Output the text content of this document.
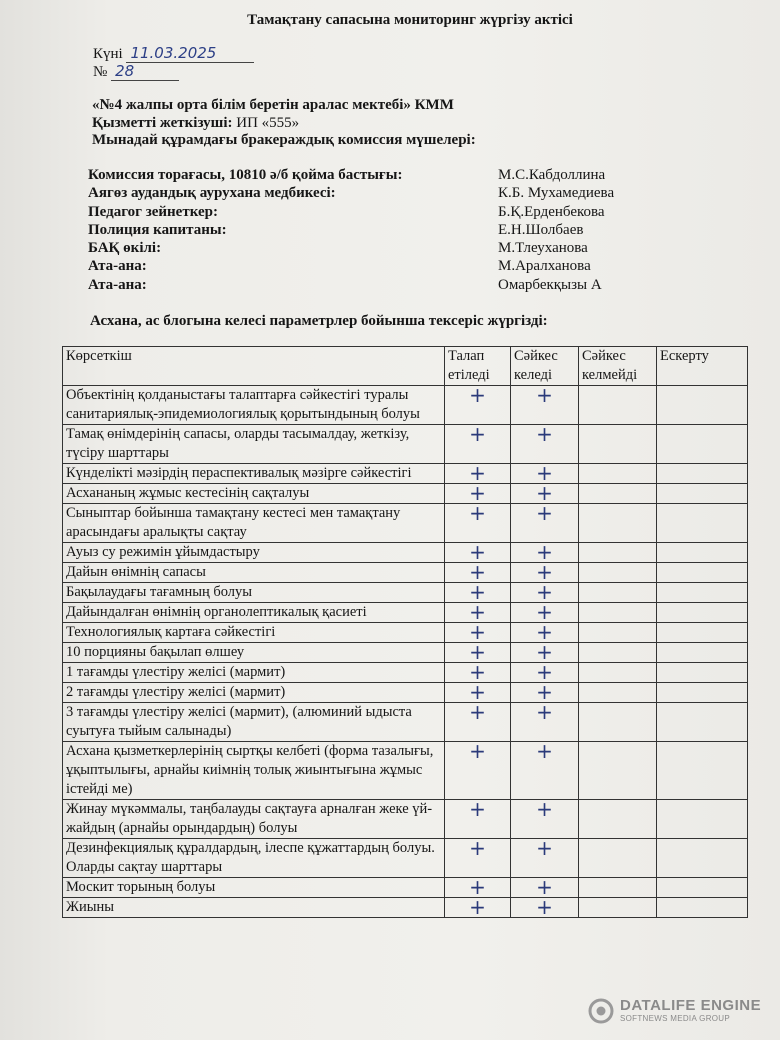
Тамақтану сапасына мониторинг жүргізу актісі
Күні 11.03.2025
№ 28
«№4 жалпы орта білім беретін аралас мектебі» КММ
Қызметті жеткізуші: ИП «555»
Мынадай құрамдағы бракераждық комиссия мүшелері:
Комиссия торағасы, 10810 ә/б қойма бастығы:	М.С.Кабдоллина
Аягөз аудандық аурухана медбикесі:	К.Б. Мухамедиева
Педагог зейнеткер:	Б.Қ.Ерденбекова
Полиция капитаны:	Е.Н.Шолбаев
БАҚ өкілі:	М.Тлеуханова
Ата-ана:	М.Аралханова
Ата-ана:	Омарбекқызы А
Асхана, ас блогына келесі параметрлер бойынша тексеріс жүргізді:
Көрсеткіш	Талап етіледі	Сәйкес келеді	Сәйкес келмейді	Ескерту
Объектінің қолданыстағы талаптарға сәйкестігі туралы санитариялық-эпидемиологиялық қорытындының болуы	+	+		

Тамақ өнімдерінің сапасы, оларды тасымалдау, жеткізу, түсіру шарттары	+	+		

Күнделікті мәзірдің пераспективалық мәзірге сәйкестігі	+	+		

Асхананың жұмыс кестесінің сақталуы	+	+		

Сыныптар бойынша тамақтану кестесі мен тамақтану арасындағы аралықты сақтау	+	+		

Ауыз су режимін ұйымдастыру	+	+		

Дайын өнімнің сапасы	+	+		

Бақылаудағы тағамның болуы	+	+		

Дайындалған өнімнің органолептикалық қасиеті	+	+		

Технологиялық картаға сәйкестігі	+	+		

10 порцияны бақылап өлшеу	+	+		

1 тағамды үлестіру желісі (мармит)	+	+		

2 тағамды үлестіру желісі (мармит)	+	+		

3 тағамды үлестіру желісі (мармит), (алюминий ыдыста суытуға тыйым салынады)	+	+		

Асхана қызметкерлерінің сыртқы келбеті (форма тазалығы, ұқыптылығы, арнайы киімнің толық жиынтығына жұмыс істейді ме)	+	+		

Жинау мүкәммалы, таңбалауды сақтауға арналған жеке үй-жайдың (арнайы орындардың) болуы	+	+		

Дезинфекциялық құралдардың, ілеспе құжаттардың болуы. Оларды сақтау шарттары	+	+		

Москит торының болуы	+	+		

Жиыны	+	+		

DATALIFE ENGINE
SOFTNEWS MEDIA GROUP
